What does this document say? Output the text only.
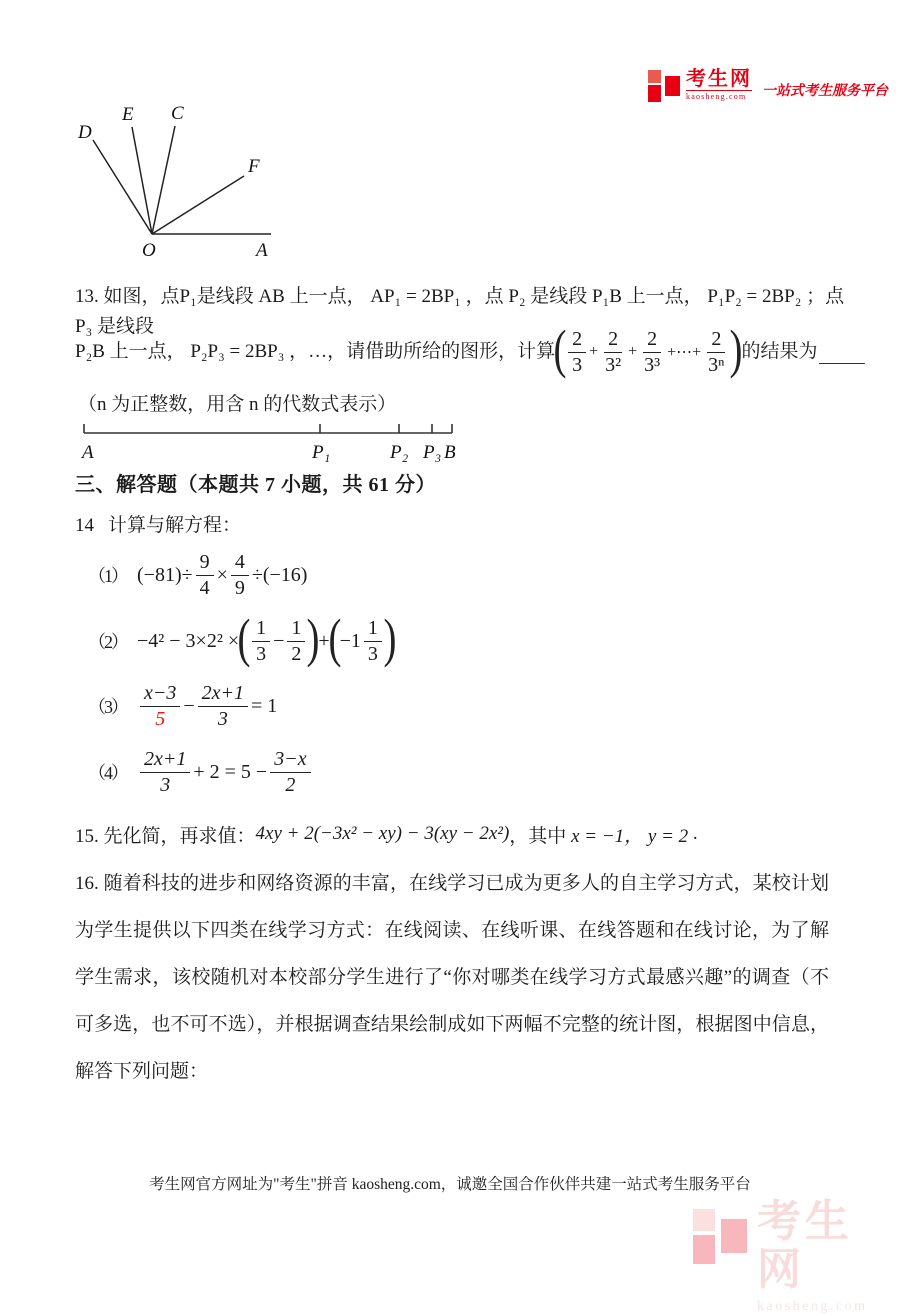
考生网
kaosheng.com	一站式考生服务平台
D
E C
F
O	A
13. 如图，点P₁是线段 AB 上一点， AP₁ = 2BP₁ ，点 P₂ 是线段 P₁B 上一点， P₁P₂ = 2BP₂ ；点 P₃ 是线段
P₂B 上一点， P₂P₃ = 2BP₃ ，…，请借助所给的图形，计算
( $\frac{2}{3} + \frac{2}{\text{3²}} + \frac{2}{\text{3³}}$ +⋯+ $\frac{2}{\text{3ⁿ}}$ )
的结果为
（n 为正整数，用含 n 的代数式表示）
A	P₁	P₂ P₃ B
三、解答题（本题共 7 小题，共 61 分）
14 计算与解方程：
（1） $(-81)\div \frac{9}{4} \times \frac{4}{9} \div(-16)$
（2） −4² − 3×2² ×
( $\frac{1}{3} - \frac{1}{2}$ )
+
(
$-1 \frac{1}{3}$ )
$(3) \frac{x-3}{5} - \frac{2x+1}{3} = 1$
$(4) \frac{2x+1}{3} + 2 = 5 - \frac{3-x}{2}$
15. 先化简，再求值： 4xy + 2(−3x² − xy) − 3(xy − 2x²) ，其中 x = −1， y = 2 .
16. 随着科技的进步和网络资源的丰富，在线学习已成为更多人的自主学习方式，某校计划为学生提供以下四类在线学习方式：在线阅读、在线听课、在线答题和在线讨论，为了解学生需求，该校随机对本校部分学生进行了“你对哪类在线学习方式最感兴趣”的调查（不可多选，也不可不选），并根据调查结果绘制成如下两幅不完整的统计图，根据图中信息，解答下列问题：
考生网官方网址为"考生"拼音 kaosheng.com，诚邀全国合作伙伴共建一站式考生服务平台
考生网
kaosheng.com
